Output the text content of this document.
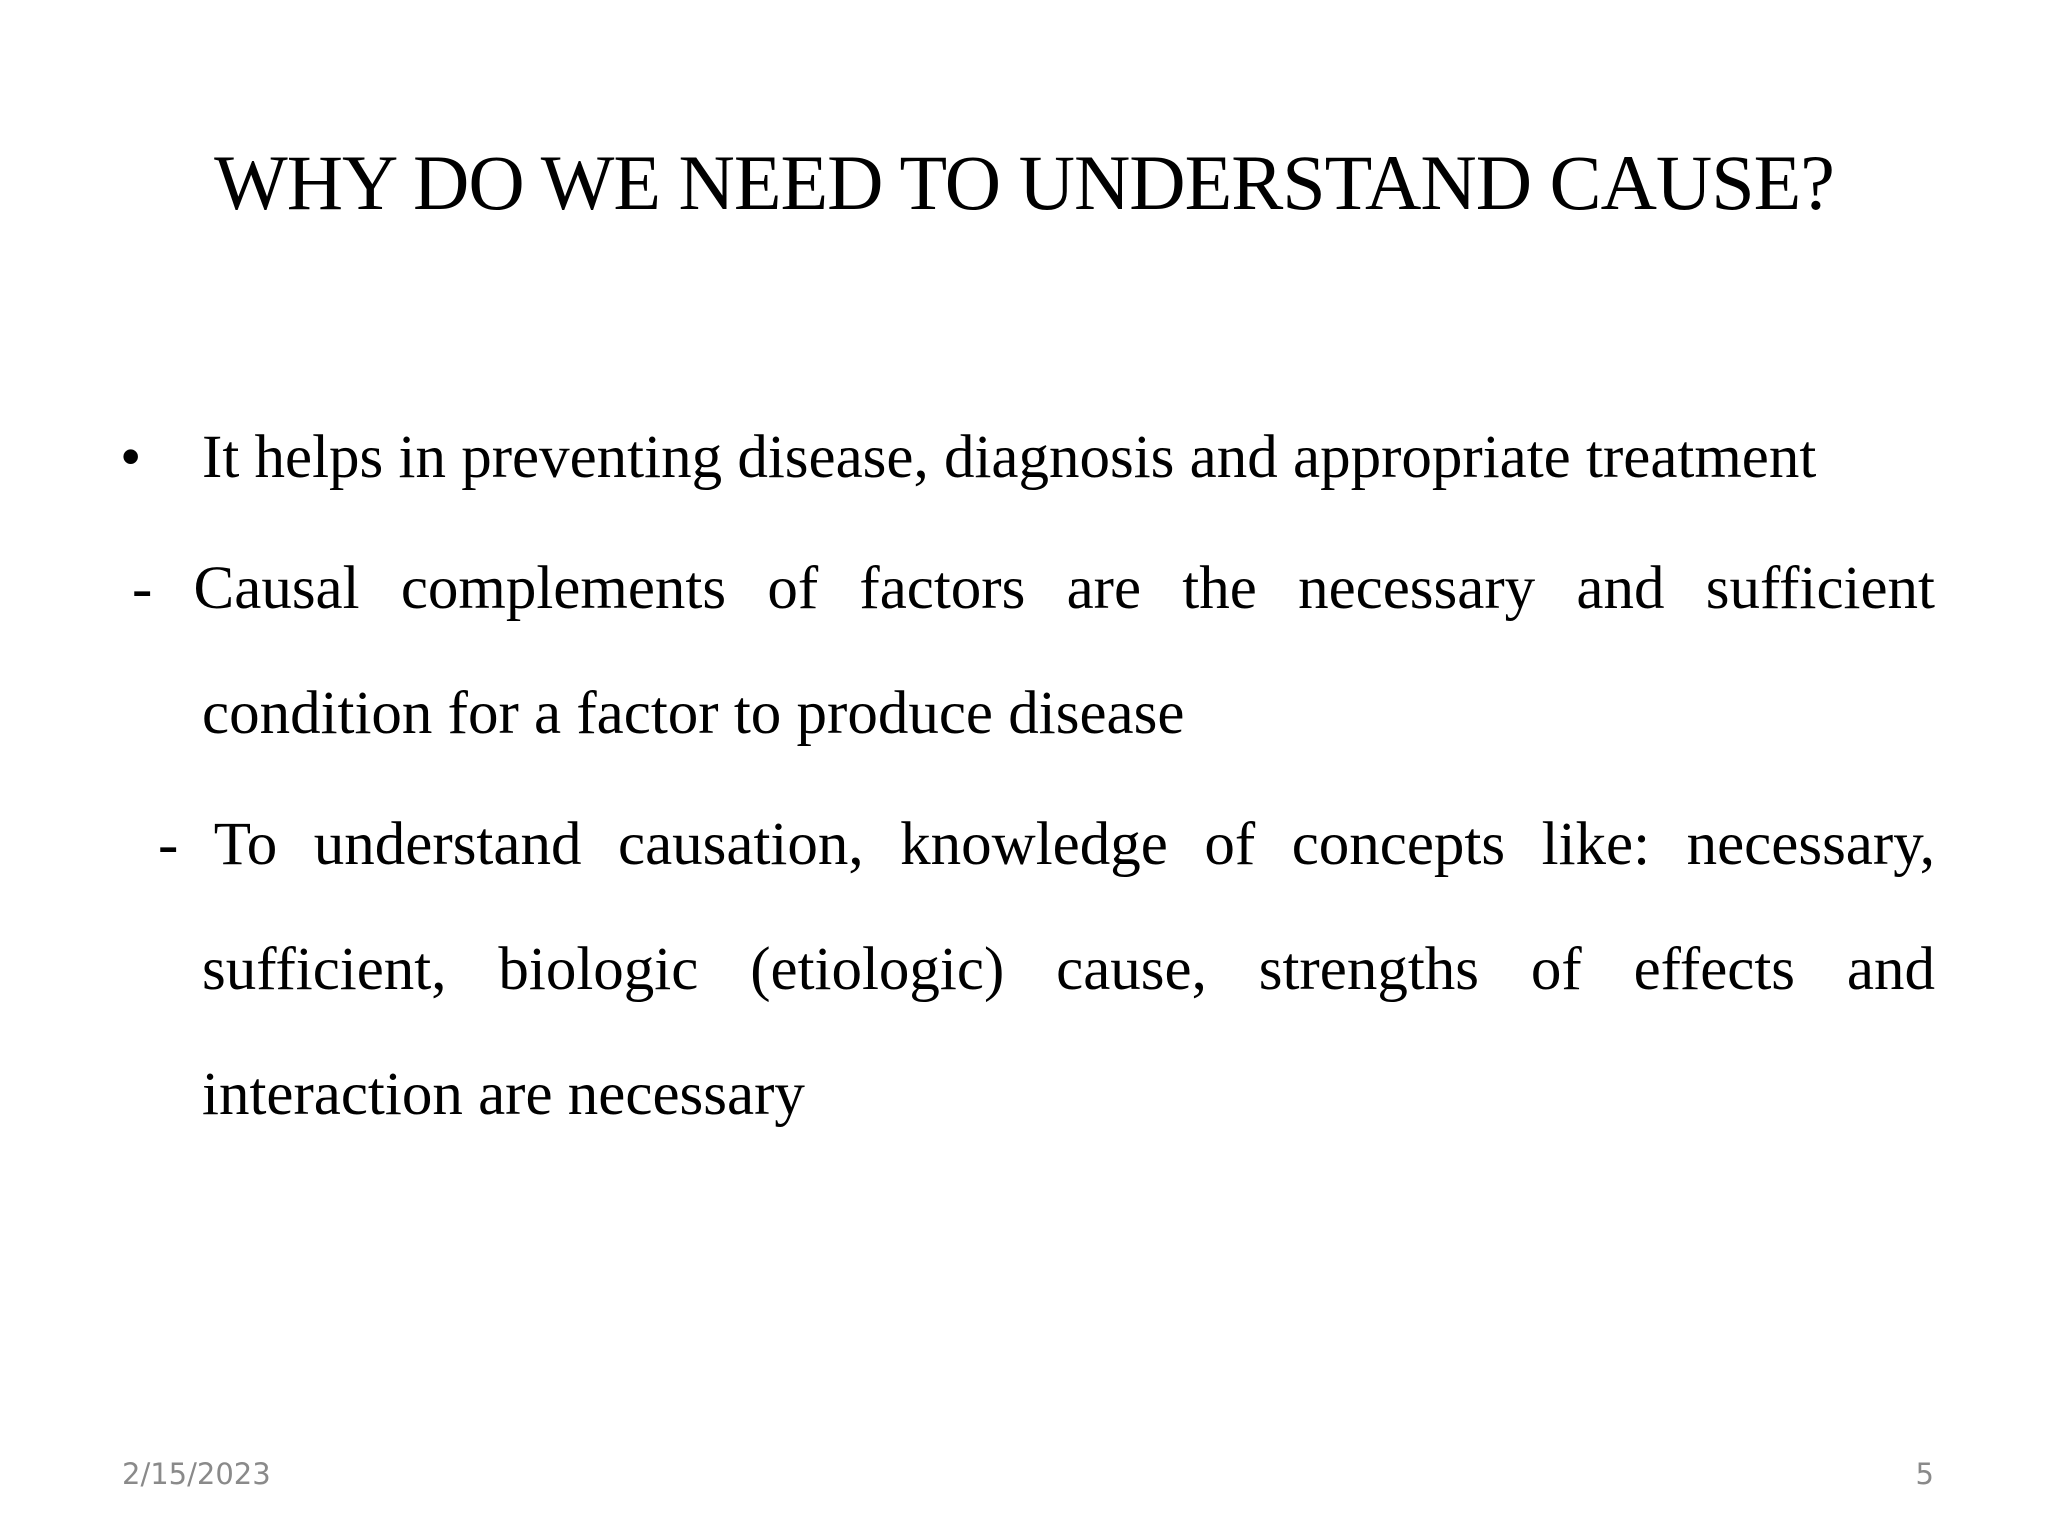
WHY DO WE NEED TO UNDERSTAND CAUSE?

• It helps in preventing disease, diagnosis and appropriate treatment

- Causal complements of factors are the necessary and sufficient condition for a factor to produce disease

- To understand causation, knowledge of concepts like: necessary, sufficient, biologic (etiologic) cause, strengths of effects and interaction are necessary

2/15/2023	5
